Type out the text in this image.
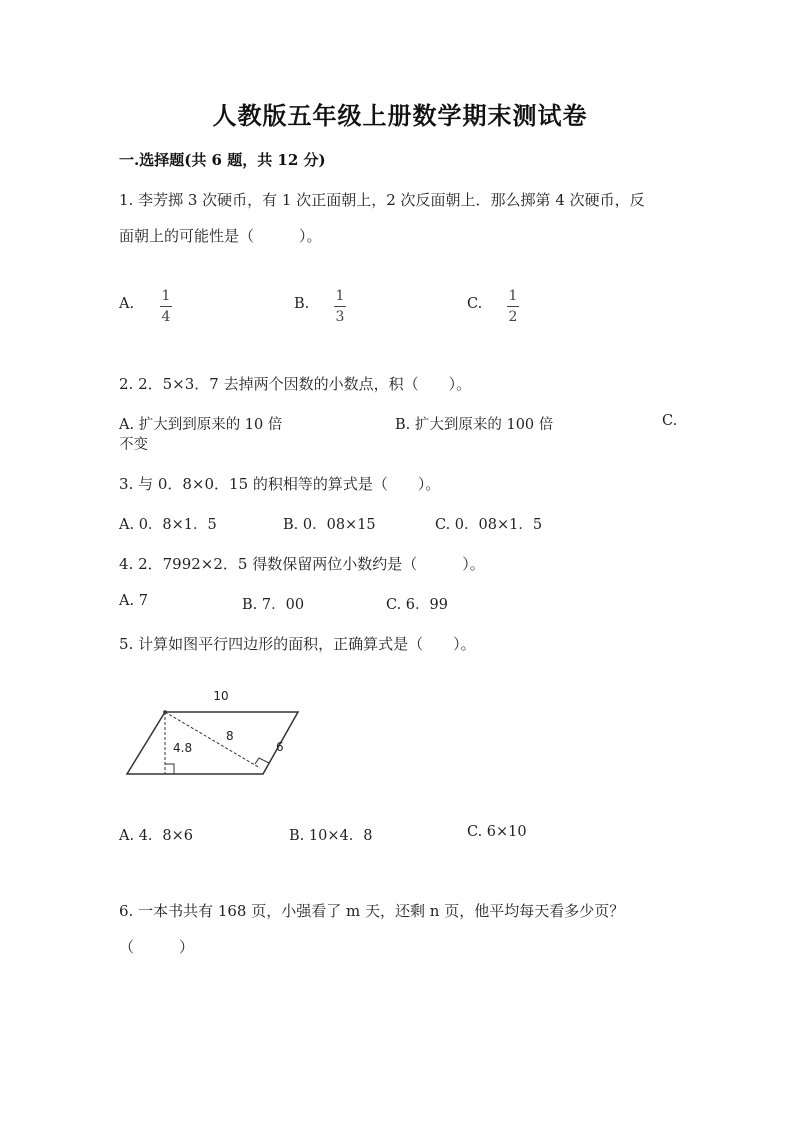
人教版五年级上册数学期末测试卷
一.选择题(共 6 题，共 12 分)
1. 李芳掷 3 次硬币，有 1 次正面朝上，2 次反面朝上．那么掷第 4 次硬币，反
面朝上的可能性是（　　　）。
A. 1
4
B. 1
3
C. 1
2
2. 2．5×3．7 去掉两个因数的小数点，积（　　）。
A. 扩大到到原来的 10 倍	B. 扩大到原来的 100 倍	C.
不变
3. 与 0．8×0．15 的积相等的算式是（　　）。
A. 0．8×1．5	B. 0．08×15	C. 0．08×1．5
4. 2．7992×2．5 得数保留两位小数约是（　　　）。
A. 7	B. 7．00	C. 6．99
5. 计算如图平行四边形的面积，正确算式是（　　）。
10
4.8
8
6
A. 4．8×6	B. 10×4．8	C. 6×10
6. 一本书共有 168 页，小强看了 m 天，还剩 n 页，他平均每天看多少页？
（　　　）
